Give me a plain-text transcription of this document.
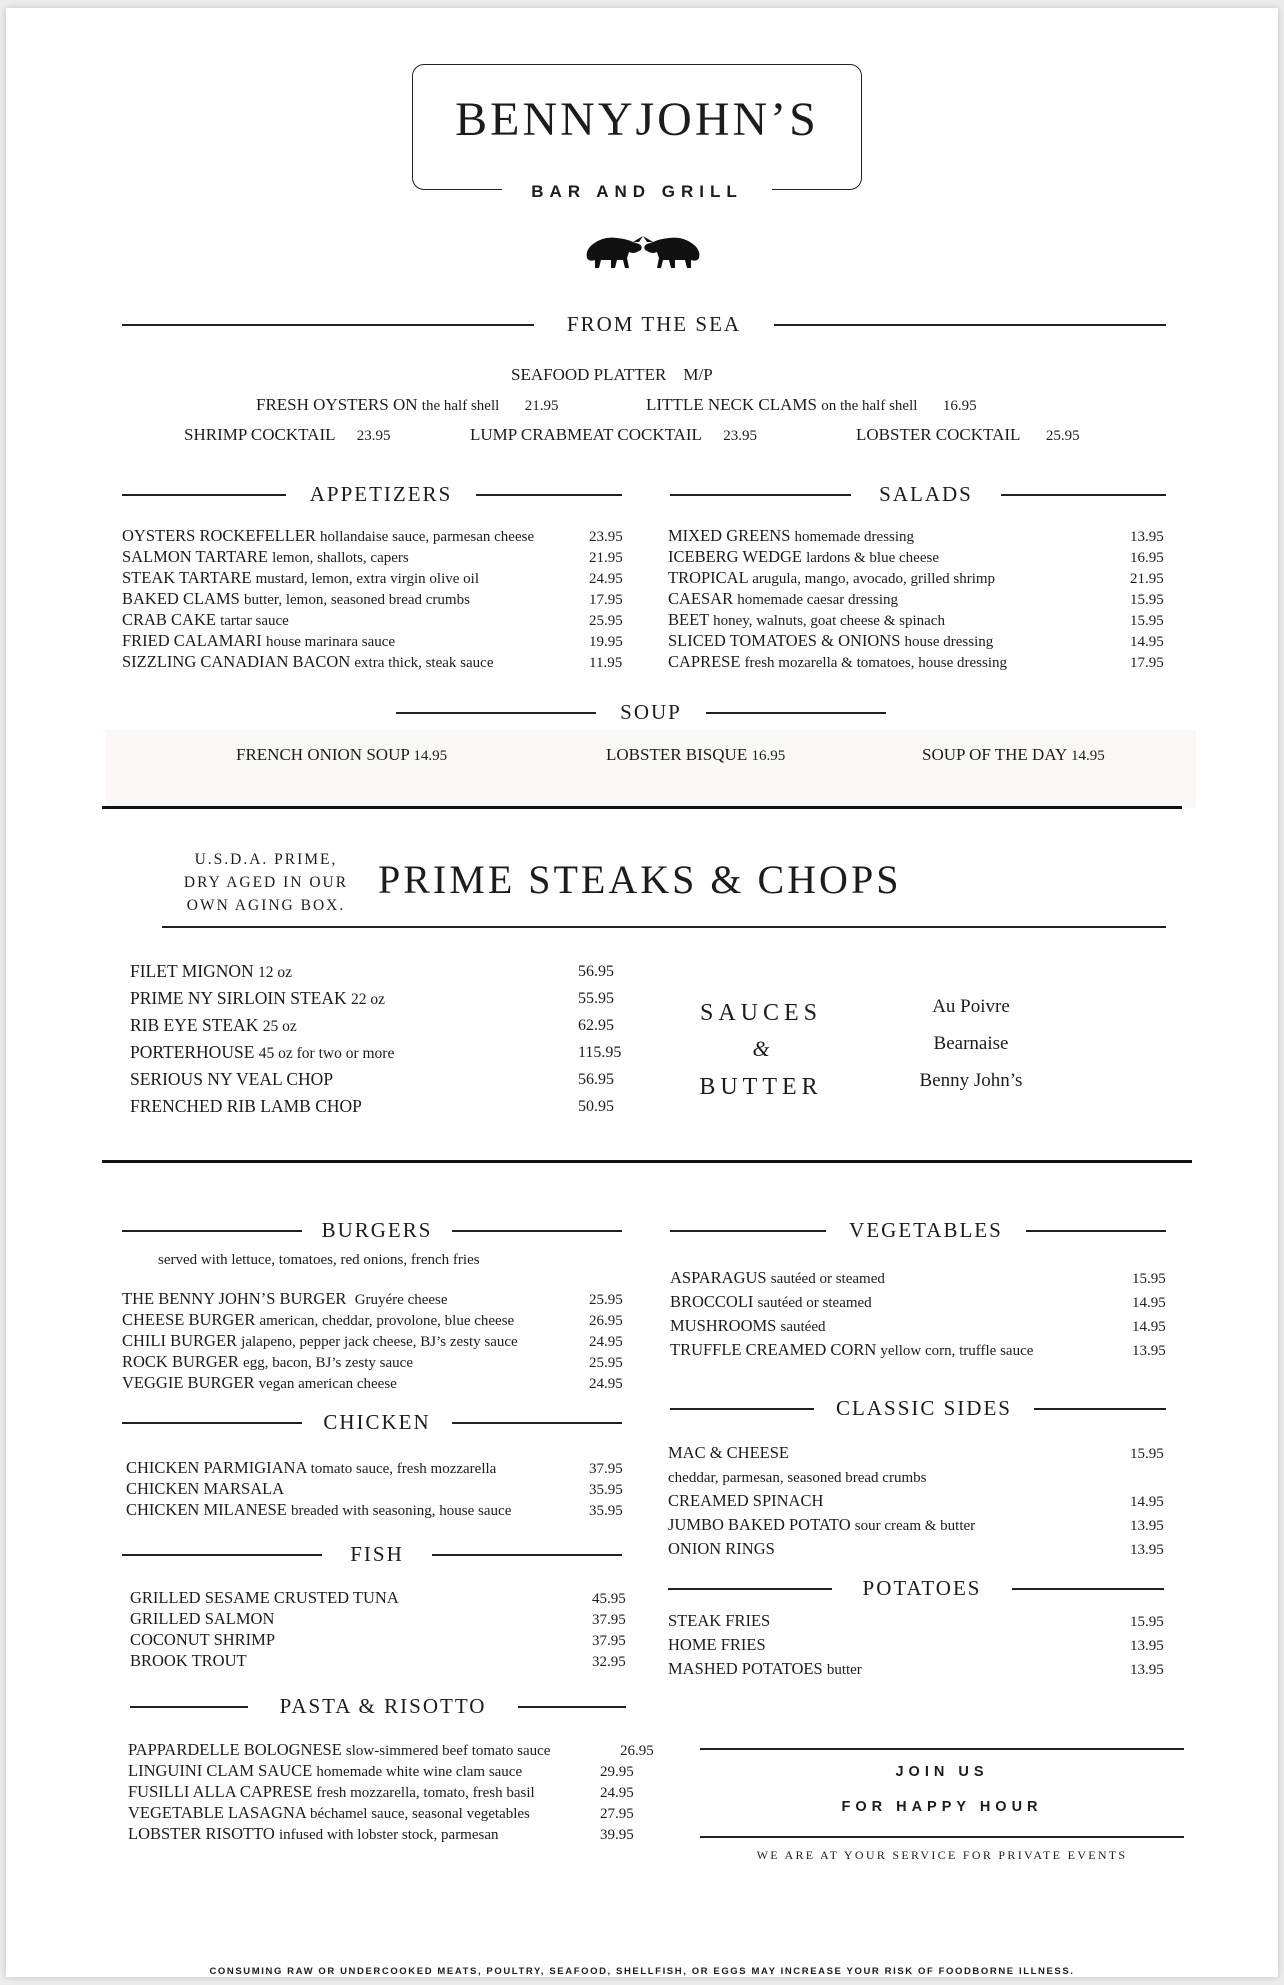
BENNYJOHN’S
BAR AND GRILL
FROM THE SEA
SEAFOOD PLATTER M/P
FRESH OYSTERS ON the half shell 21.95	LITTLE NECK CLAMS on the half shell 16.95
SHRIMP COCKTAIL 23.95	LUMP CRABMEAT COCKTAIL 23.95	LOBSTER COCKTAIL 25.95
APPETIZERS
OYSTERS ROCKEFELLER hollandaise sauce, parmesan cheese	23.95
SALMON TARTARE lemon, shallots, capers	21.95
STEAK TARTARE mustard, lemon, extra virgin olive oil	24.95
BAKED CLAMS butter, lemon, seasoned bread crumbs	17.95
CRAB CAKE tartar sauce	25.95
FRIED CALAMARI house marinara sauce	19.95
SIZZLING CANADIAN BACON extra thick, steak sauce	11.95
SALADS
MIXED GREENS homemade dressing	13.95
ICEBERG WEDGE lardons & blue cheese	16.95
TROPICAL arugula, mango, avocado, grilled shrimp	21.95
CAESAR homemade caesar dressing	15.95
BEET honey, walnuts, goat cheese & spinach	15.95
SLICED TOMATOES & ONIONS house dressing	14.95
CAPRESE fresh mozarella & tomatoes, house dressing	17.95
SOUP
FRENCH ONION SOUP 14.95	LOBSTER BISQUE 16.95	SOUP OF THE DAY 14.95
U.S.D.A. PRIME,
DRY AGED IN OUR
OWN AGING BOX.
PRIME STEAKS & CHOPS
FILET MIGNON 12 oz	56.95
PRIME NY SIRLOIN STEAK 22 oz	55.95
RIB EYE STEAK 25 oz	62.95
PORTERHOUSE 45 oz for two or more	115.95
SERIOUS NY VEAL CHOP	56.95
FRENCHED RIB LAMB CHOP	50.95
SAUCES
&
BUTTER
Au Poivre
Bearnaise
Benny John’s
BURGERS
served with lettuce, tomatoes, red onions, french fries
THE BENNY JOHN’S BURGER Gruyére cheese	25.95
CHEESE BURGER american, cheddar, provolone, blue cheese	26.95
CHILI BURGER jalapeno, pepper jack cheese, BJ’s zesty sauce	24.95
ROCK BURGER egg, bacon, BJ’s zesty sauce	25.95
VEGGIE BURGER vegan american cheese	24.95
CHICKEN
CHICKEN PARMIGIANA tomato sauce, fresh mozzarella	37.95
CHICKEN MARSALA	35.95
CHICKEN MILANESE breaded with seasoning, house sauce	35.95
FISH
GRILLED SESAME CRUSTED TUNA	45.95
GRILLED SALMON	37.95
COCONUT SHRIMP	37.95
BROOK TROUT	32.95
PASTA & RISOTTO
PAPPARDELLE BOLOGNESE slow-simmered beef tomato sauce	26.95
LINGUINI CLAM SAUCE homemade white wine clam sauce	29.95
FUSILLI ALLA CAPRESE fresh mozzarella, tomato, fresh basil	24.95
VEGETABLE LASAGNA béchamel sauce, seasonal vegetables	27.95
LOBSTER RISOTTO infused with lobster stock, parmesan	39.95
VEGETABLES
ASPARAGUS sautéed or steamed	15.95
BROCCOLI sautéed or steamed	14.95
MUSHROOMS sautéed	14.95
TRUFFLE CREAMED CORN yellow corn, truffle sauce	13.95
CLASSIC SIDES
MAC & CHEESE	15.95
cheddar, parmesan, seasoned bread crumbs
CREAMED SPINACH	14.95
JUMBO BAKED POTATO sour cream & butter	13.95
ONION RINGS	13.95
POTATOES
STEAK FRIES	15.95
HOME FRIES	13.95
MASHED POTATOES butter	13.95
JOIN US
FOR HAPPY HOUR
WE ARE AT YOUR SERVICE FOR PRIVATE EVENTS
CONSUMING RAW OR UNDERCOOKED MEATS, POULTRY, SEAFOOD, SHELLFISH, OR EGGS MAY INCREASE YOUR RISK OF FOODBORNE ILLNESS.
